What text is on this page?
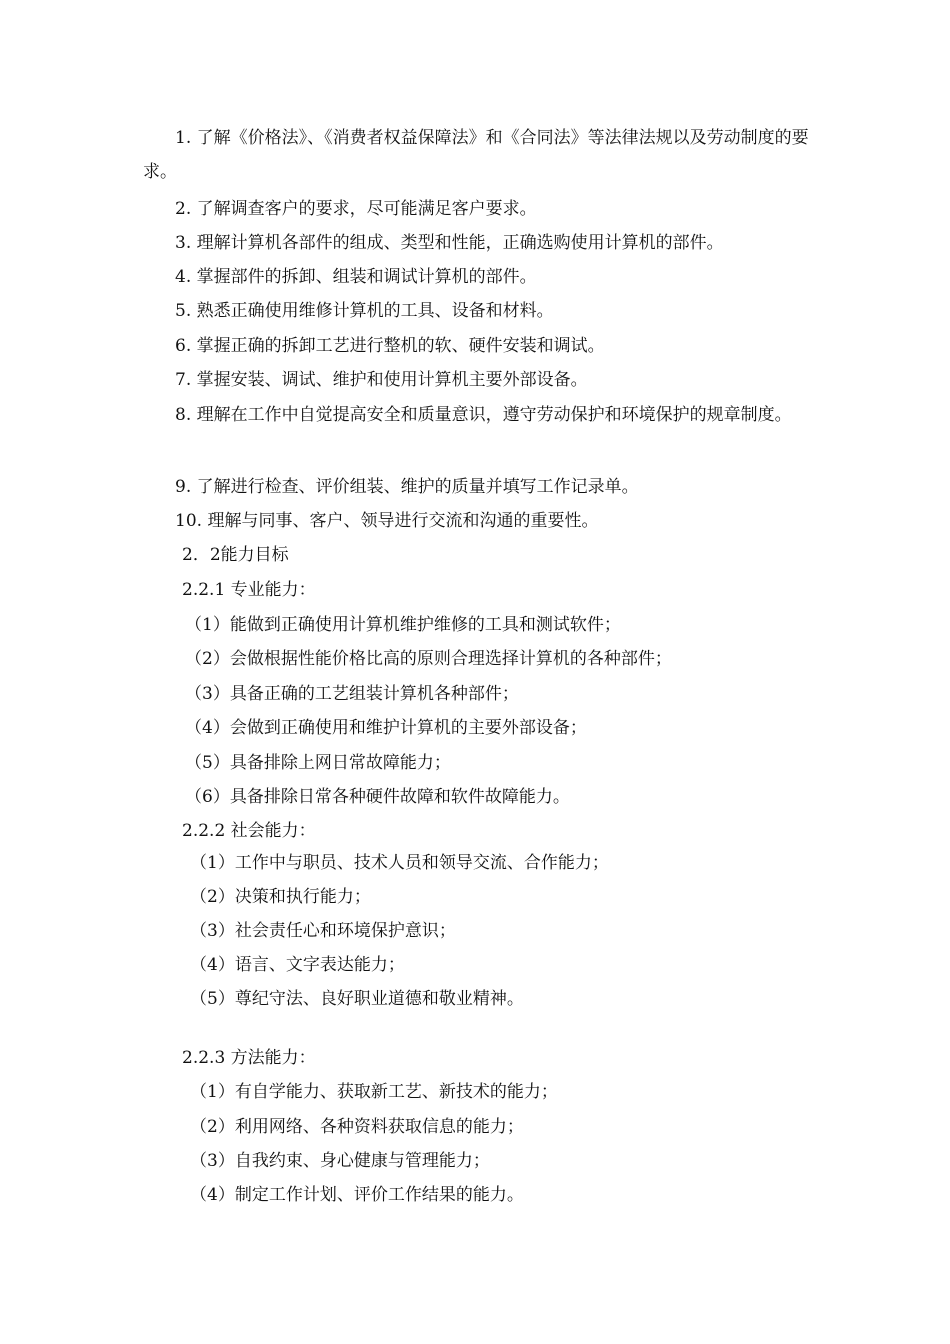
1. 了解《价格法》、《消费者权益保障法》和《合同法》等法律法规以及劳动制度的要求。

2. 了解调查客户的要求，尽可能满足客户要求。

3. 理解计算机各部件的组成、类型和性能，正确选购使用计算机的部件。

4. 掌握部件的拆卸、组装和调试计算机的部件。

5. 熟悉正确使用维修计算机的工具、设备和材料。

6. 掌握正确的拆卸工艺进行整机的软、硬件安装和调试。

7. 掌握安装、调试、维护和使用计算机主要外部设备。

8. 理解在工作中自觉提高安全和质量意识，遵守劳动保护和环境保护的规章制度。

9. 了解进行检查、评价组装、维护的质量并填写工作记录单。

10. 理解与同事、客户、领导进行交流和沟通的重要性。

2．2能力目标

2.2.1 专业能力：

（1）能做到正确使用计算机维护维修的工具和测试软件；

（2）会做根据性能价格比高的原则合理选择计算机的各种部件；

（3）具备正确的工艺组装计算机各种部件；

（4）会做到正确使用和维护计算机的主要外部设备；

（5）具备排除上网日常故障能力；

（6）具备排除日常各种硬件故障和软件故障能力。

2.2.2 社会能力：

（1）工作中与职员、技术人员和领导交流、合作能力；

（2）决策和执行能力；

（3）社会责任心和环境保护意识；

（4）语言、文字表达能力；

（5）尊纪守法、良好职业道德和敬业精神。

2.2.3 方法能力：

（1）有自学能力、获取新工艺、新技术的能力；

（2）利用网络、各种资料获取信息的能力；

（3）自我约束、身心健康与管理能力；

（4）制定工作计划、评价工作结果的能力。
